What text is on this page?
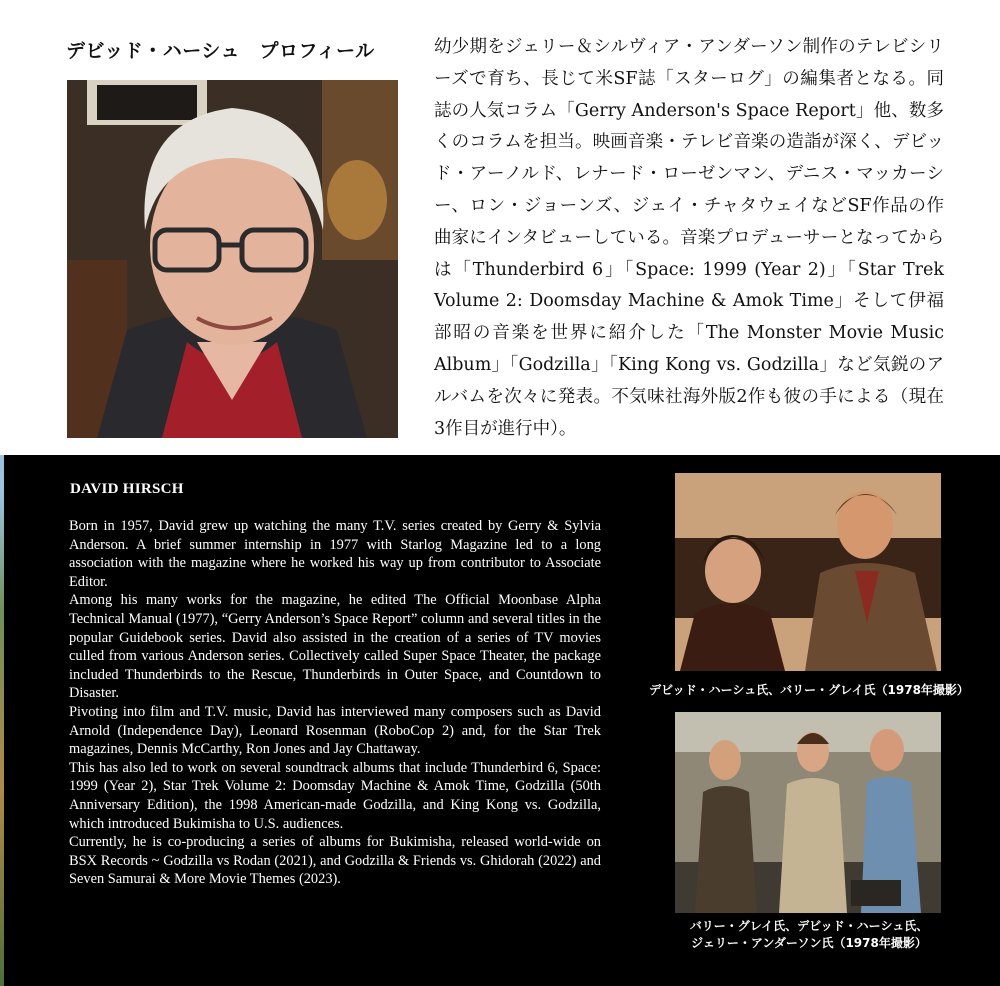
デビッド・ハーシュ　プロフィール	幼少期をジェリー＆シルヴィア・アンダーソン制作のテレビシリーズで育ち、長じて米SF誌「スターログ」の編集者となる。同誌の人気コラム「Gerry Anderson's Space Report」他、数多くのコラムを担当。映画音楽・テレビ音楽の造詣が深く、デビッド・アーノルド、レナード・ローゼンマン、デニス・マッカーシー、ロン・ジョーンズ、ジェイ・チャタウェイなどSF作品の作曲家にインタビューしている。音楽プロデューサーとなってからは「Thunderbird 6」「Space: 1999 (Year 2)」「Star Trek Volume 2: Doomsday Machine & Amok Time」そして伊福部昭の音楽を世界に紹介した「The Monster Movie Music Album」「Godzilla」「King Kong vs. Godzilla」など気鋭のアルバムを次々に発表。不気味社海外版2作も彼の手による（現在3作目が進行中）。

DAVID HIRSCH

Born in 1957, David grew up watching the many T.V. series created by Gerry & Sylvia Anderson. A brief summer internship in 1977 with Starlog Magazine led to a long association with the magazine where he worked his way up from contributor to Associate Editor.

Among his many works for the magazine, he edited The Official Moonbase Alpha Technical Manual (1977), “Gerry Anderson’s Space Report” column and several titles in the popular Guidebook series. David also assisted in the creation of a series of TV movies culled from various Anderson series. Collectively called Super Space Theater, the package included Thunderbirds to the Rescue, Thunderbirds in Outer Space, and Countdown to Disaster.

Pivoting into film and T.V. music, David has interviewed many composers such as David Arnold (Independence Day), Leonard Rosenman (RoboCop 2) and, for the Star Trek magazines, Dennis McCarthy, Ron Jones and Jay Chattaway.

This has also led to work on several soundtrack albums that include Thunderbird 6, Space: 1999 (Year 2), Star Trek Volume 2: Doomsday Machine & Amok Time, Godzilla (50th Anniversary Edition), the 1998 American-made Godzilla, and King Kong vs. Godzilla, which introduced Bukimisha to U.S. audiences.

Currently, he is co-producing a series of albums for Bukimisha, released world-wide on BSX Records ~ Godzilla vs Rodan (2021), and Godzilla & Friends vs. Ghidorah (2022) and Seven Samurai & More Movie Themes (2023).

デビッド・ハーシュ氏、バリー・グレイ氏（1978年撮影）

バリー・グレイ氏、デビッド・ハーシュ氏、
ジェリー・アンダーソン氏（1978年撮影）
